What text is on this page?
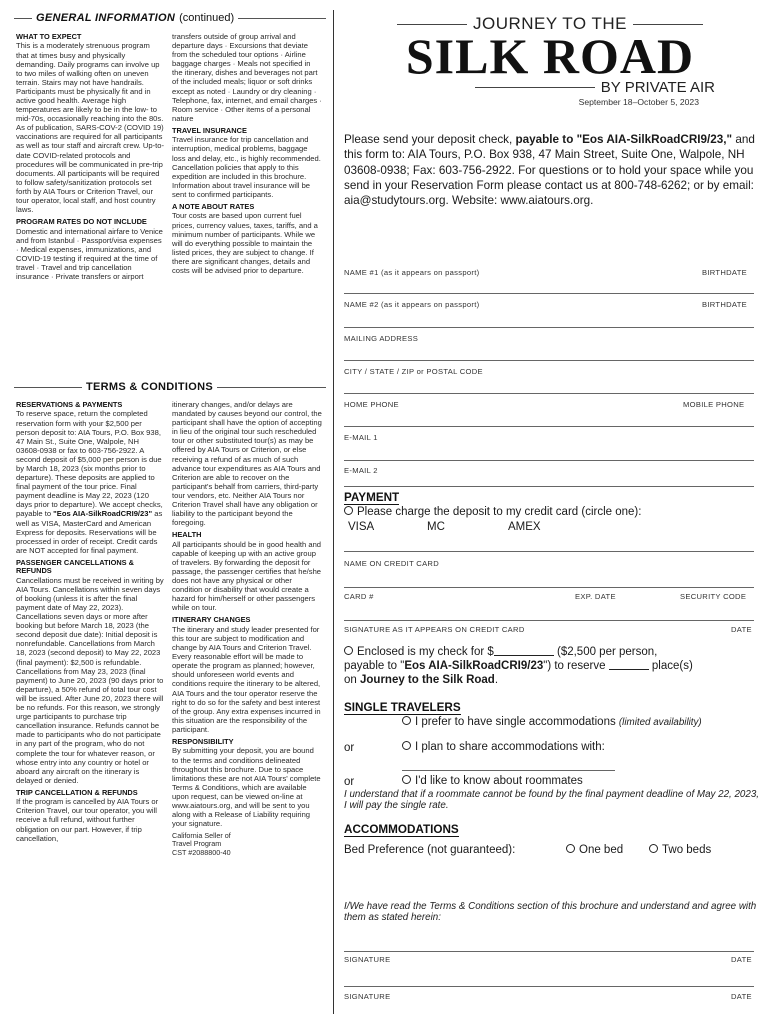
GENERAL INFORMATION (continued)
WHAT TO EXPECT

This is a moderately strenuous program that at times busy and physically demanding. Daily programs can involve up to two miles of walking often on uneven terrain. Stairs may not have handrails. Participants must be physically fit and in active good health. Average high temperatures are likely to be in the low- to mid-70s, occasionally reaching into the 80s. As of publication, SARS-COV-2 (COVID 19) vaccinations are required for all participants as well as tour staff and aircraft crew. Up-to-date COVID-related protocols and procedures will be communicated in pre-trip documents. All participants will be required to follow safety/sanitization protocols set forth by AIA Tours or Criterion Travel, our tour operator, local staff, and host country laws.

PROGRAM RATES DO NOT INCLUDE

Domestic and international airfare to Venice and from Istanbul · Passport/visa expenses · Medical expenses, immunizations, and COVID-19 testing if required at the time of travel · Travel and trip cancellation insurance · Private transfers or airport

transfers outside of group arrival and departure days · Excursions that deviate from the scheduled tour options · Airline baggage charges · Meals not specified in the itinerary, dishes and beverages not part of the included meals; liquor or soft drinks except as noted · Laundry or dry cleaning · Telephone, fax, internet, and email charges · Room service · Other items of a personal nature

TRAVEL INSURANCE

Travel insurance for trip cancellation and interruption, medical problems, baggage loss and delay, etc., is highly recommended. Cancellation policies that apply to this expedition are included in this brochure. Information about travel insurance will be sent to confirmed participants.

A NOTE ABOUT RATES

Tour costs are based upon current fuel prices, currency values, taxes, tariffs, and a minimum number of participants. While we will do everything possible to maintain the listed prices, they are subject to change. If there are significant changes, details and costs will be advised prior to departure.

TERMS & CONDITIONS
RESERVATIONS & PAYMENTS

To reserve space, return the completed reservation form with your $2,500 per person deposit to: AIA Tours, P.O. Box 938, 47 Main St., Suite One, Walpole, NH 03608-0938 or fax to 603-756-2922. A second deposit of $5,000 per person is due by March 18, 2023 (six months prior to departure). These deposits are applied to final payment of the tour price. Final payment deadline is May 22, 2023 (120 days prior to departure). We accept checks, payable to "Eos AIA-SilkRoadCRI9/23" as well as VISA, MasterCard and American Express for deposits. Reservations will be processed in order of receipt. Credit cards are NOT accepted for final payment.

PASSENGER CANCELLATIONS & REFUNDS

Cancellations must be received in writing by AIA Tours. Cancellations within seven days of booking (unless it is after the final payment date of May 22, 2023). Cancellations seven days or more after booking but before March 18, 2023 (the second deposit due date): Initial deposit is nonrefundable. Cancellations from March 18, 2023 (second deposit) to May 22, 2023 (final payment): $2,500 is refundable. Cancellations from May 23, 2023 (final payment) to June 20, 2023 (90 days prior to departure), a 50% refund of total tour cost will be issued. After June 20, 2023 there will be no refunds. For this reason, we strongly urge participants to purchase trip cancellation insurance. Refunds cannot be made to participants who do not participate in any part of the program, who do not complete the tour for whatever reason, or whose entry into any country or hotel or aboard any aircraft on the itinerary is delayed or denied.

TRIP CANCELLATION & REFUNDS

If the program is cancelled by AIA Tours or Criterion Travel, our tour operator, you will receive a full refund, without further obligation on our part. However, if trip cancellation,

itinerary changes, and/or delays are mandated by causes beyond our control, the participant shall have the option of accepting in lieu of the original tour such rescheduled tour or other substituted tour(s) as may be offered by AIA Tours or Criterion, or else receiving a refund of as much of such advance tour expenditures as AIA Tours and Criterion are able to recover on the participant's behalf from carriers, third-party tour vendors, etc. Neither AIA Tours nor Criterion Travel shall have any obligation or liability to the participant beyond the foregoing.

HEALTH

All participants should be in good health and capable of keeping up with an active group of travelers. By forwarding the deposit for passage, the passenger certifies that he/she does not have any physical or other condition or disability that would create a hazard for him/herself or other passengers while on tour.

ITINERARY CHANGES

The itinerary and study leader presented for this tour are subject to modification and change by AIA Tours and Criterion Travel. Every reasonable effort will be made to operate the program as planned; however, should unforeseen world events and conditions require the itinerary to be altered, AIA Tours and the tour operator reserve the right to do so for the safety and best interest of the group. Any extra expenses incurred in this situation are the responsibility of the participant.

RESPONSIBILITY

By submitting your deposit, you are bound to the terms and conditions delineated throughout this brochure. Due to space limitations these are not AIA Tours' complete Terms & Conditions, which are available upon request, can be viewed on-line at www.aiatours.org, and will be sent to you along with a Release of Liability requiring your signature.

California Seller of
Travel Program
CST #2088800-40
JOURNEY TO THE
SILK ROAD
BY PRIVATE AIR
September 18–October 5, 2023
Please send your deposit check, payable to "Eos AIA-SilkRoadCRI9/23," and this form to: AIA Tours, P.O. Box 938, 47 Main Street, Suite One, Walpole, NH 03608-0938; Fax: 603-756-2922. For questions or to hold your space while you send in your Reservation Form please contact us at 800-748-6262; or by email: aia@studytours.org. Website: www.aiatours.org.
NAME #1 (as it appears on passport)	BIRTHDATE
NAME #2 (as it appears on passport)	BIRTHDATE
MAILING ADDRESS
CITY / STATE / ZIP or POSTAL CODE
HOME PHONE	MOBILE PHONE
E-MAIL 1
E-MAIL 2
PAYMENT
Please charge the deposit to my credit card (circle one):
VISA	MC	AMEX
NAME ON CREDIT CARD
CARD #	EXP. DATE	SECURITY CODE
SIGNATURE AS IT APPEARS ON CREDIT CARD	DATE
Enclosed is my check for $	($2,500 per person,
payable to "Eos AIA-SilkRoadCRI9/23") to reserve	place(s)
on Journey to the Silk Road.
SINGLE TRAVELERS
I prefer to have single accommodations (limited availability)
or	I plan to share accommodations with:
or	I'd like to know about roommates
I understand that if a roommate cannot be found by the final payment deadline of May 22, 2023, I will pay the single rate.
ACCOMMODATIONS
Bed Preference (not guaranteed):	One bed	Two beds
I/We have read the Terms & Conditions section of this brochure and understand and agree with them as stated herein:
SIGNATURE	DATE
SIGNATURE	DATE
